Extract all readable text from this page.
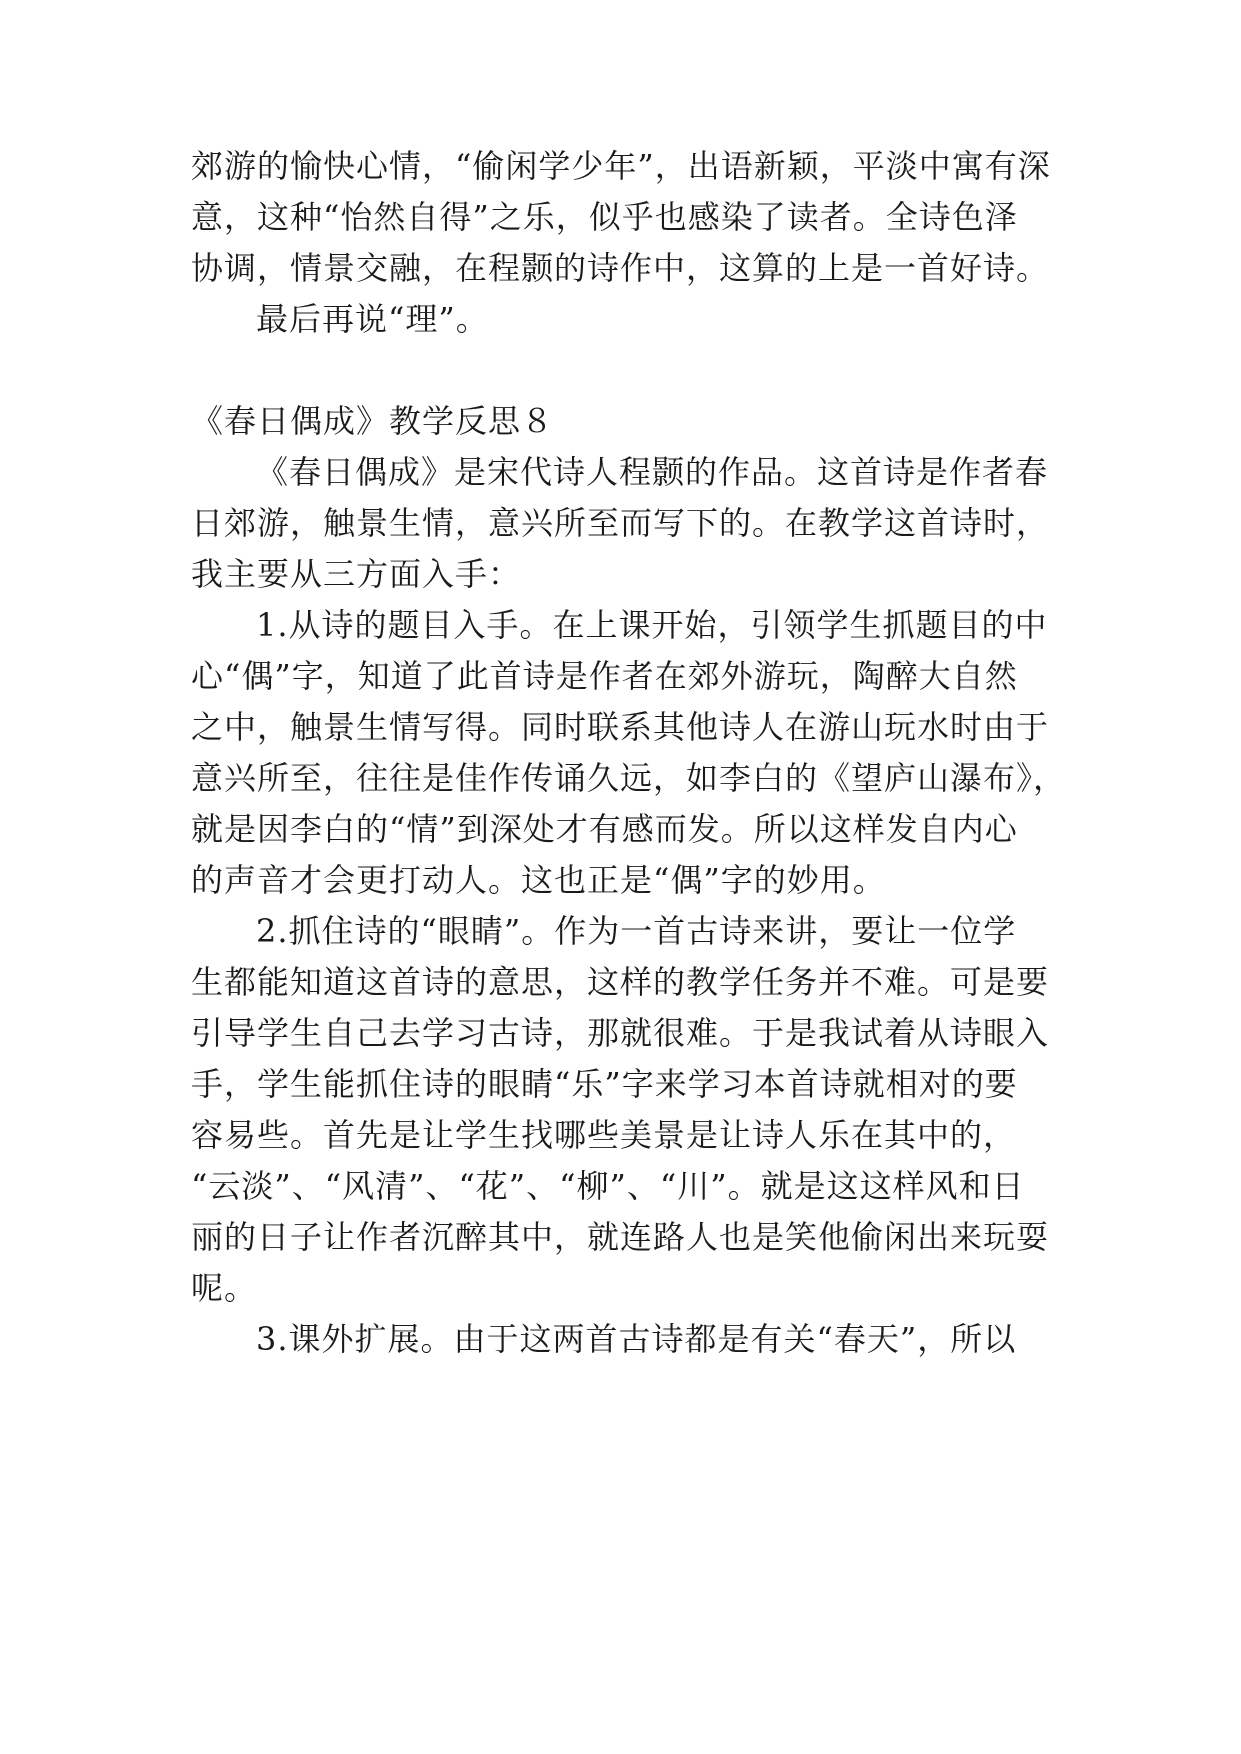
郊游的愉快心情，“偷闲学少年”，出语新颖，平淡中寓有深
意，这种“怡然自得”之乐，似乎也感染了读者。全诗色泽
协调，情景交融，在程颢的诗作中，这算的上是一首好诗。
最后再说“理”。
《春日偶成》教学反思８
《春日偶成》是宋代诗人程颢的作品。这首诗是作者春
日郊游，触景生情，意兴所至而写下的。在教学这首诗时，
我主要从三方面入手：
1.从诗的题目入手。在上课开始，引领学生抓题目的中
心“偶”字，知道了此首诗是作者在郊外游玩，陶醉大自然
之中，触景生情写得。同时联系其他诗人在游山玩水时由于
意兴所至，往往是佳作传诵久远，如李白的《望庐山瀑布》，
就是因李白的“情”到深处才有感而发。所以这样发自内心
的声音才会更打动人。这也正是“偶”字的妙用。
2.抓住诗的“眼睛”。作为一首古诗来讲，要让一位学
生都能知道这首诗的意思，这样的教学任务并不难。可是要
引导学生自己去学习古诗，那就很难。于是我试着从诗眼入
手，学生能抓住诗的眼睛“乐”字来学习本首诗就相对的要
容易些。首先是让学生找哪些美景是让诗人乐在其中的，
“云淡”、“风清”、“花”、“柳”、“川”。就是这这样风和日
丽的日子让作者沉醉其中，就连路人也是笑他偷闲出来玩耍
呢。
3.课外扩展。由于这两首古诗都是有关“春天”，所以
